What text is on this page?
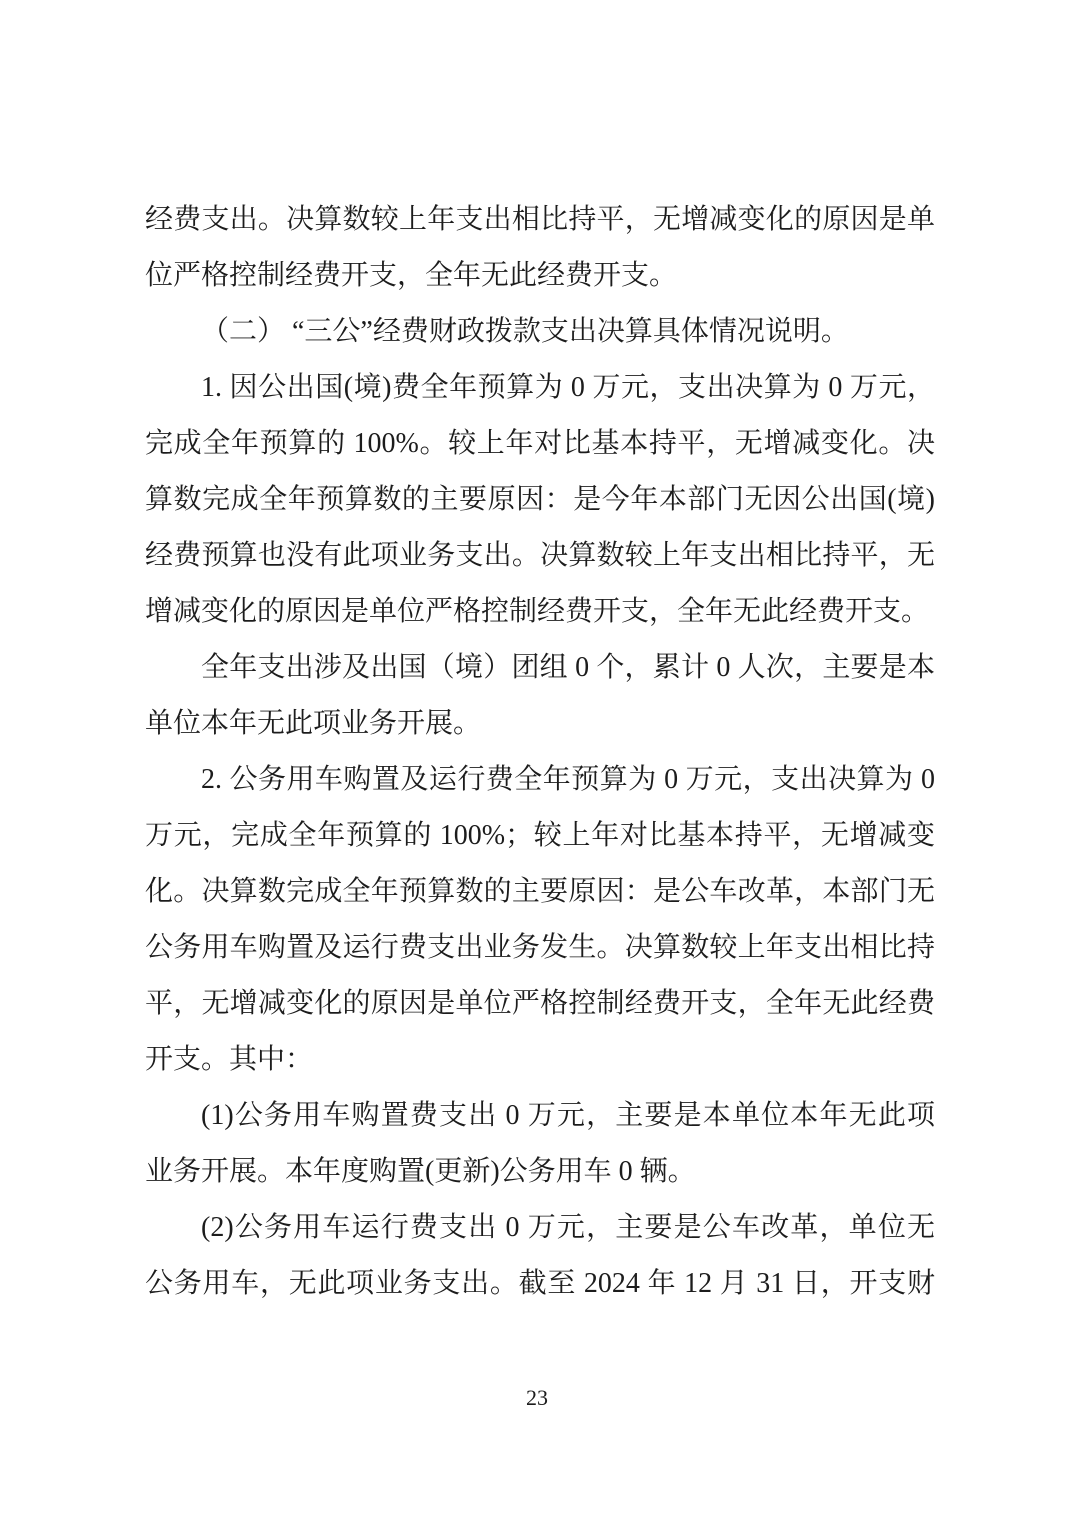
经费支出。决算数较上年支出相比持平，无增减变化的原因是单
位严格控制经费开支，全年无此经费开支。
（二） “三公”经费财政拨款支出决算具体情况说明。
1. 因公出国(境)费全年预算为 0 万元，支出决算为 0 万元，
完成全年预算的 100%。较上年对比基本持平，无增减变化。决
算数完成全年预算数的主要原因：是今年本部门无因公出国(境)
经费预算也没有此项业务支出。决算数较上年支出相比持平，无
增减变化的原因是单位严格控制经费开支，全年无此经费开支。
全年支出涉及出国（境）团组 0 个，累计 0 人次，主要是本
单位本年无此项业务开展。
2. 公务用车购置及运行费全年预算为 0 万元，支出决算为 0
万元，完成全年预算的 100%；较上年对比基本持平，无增减变
化。决算数完成全年预算数的主要原因：是公车改革，本部门无
公务用车购置及运行费支出业务发生。决算数较上年支出相比持
平，无增减变化的原因是单位严格控制经费开支，全年无此经费
开支。其中：
(1)公务用车购置费支出 0 万元，主要是本单位本年无此项
业务开展。本年度购置(更新)公务用车 0 辆。
(2)公务用车运行费支出 0 万元，主要是公车改革，单位无
公务用车，无此项业务支出。截至 2024 年 12 月 31 日，开支财
23
